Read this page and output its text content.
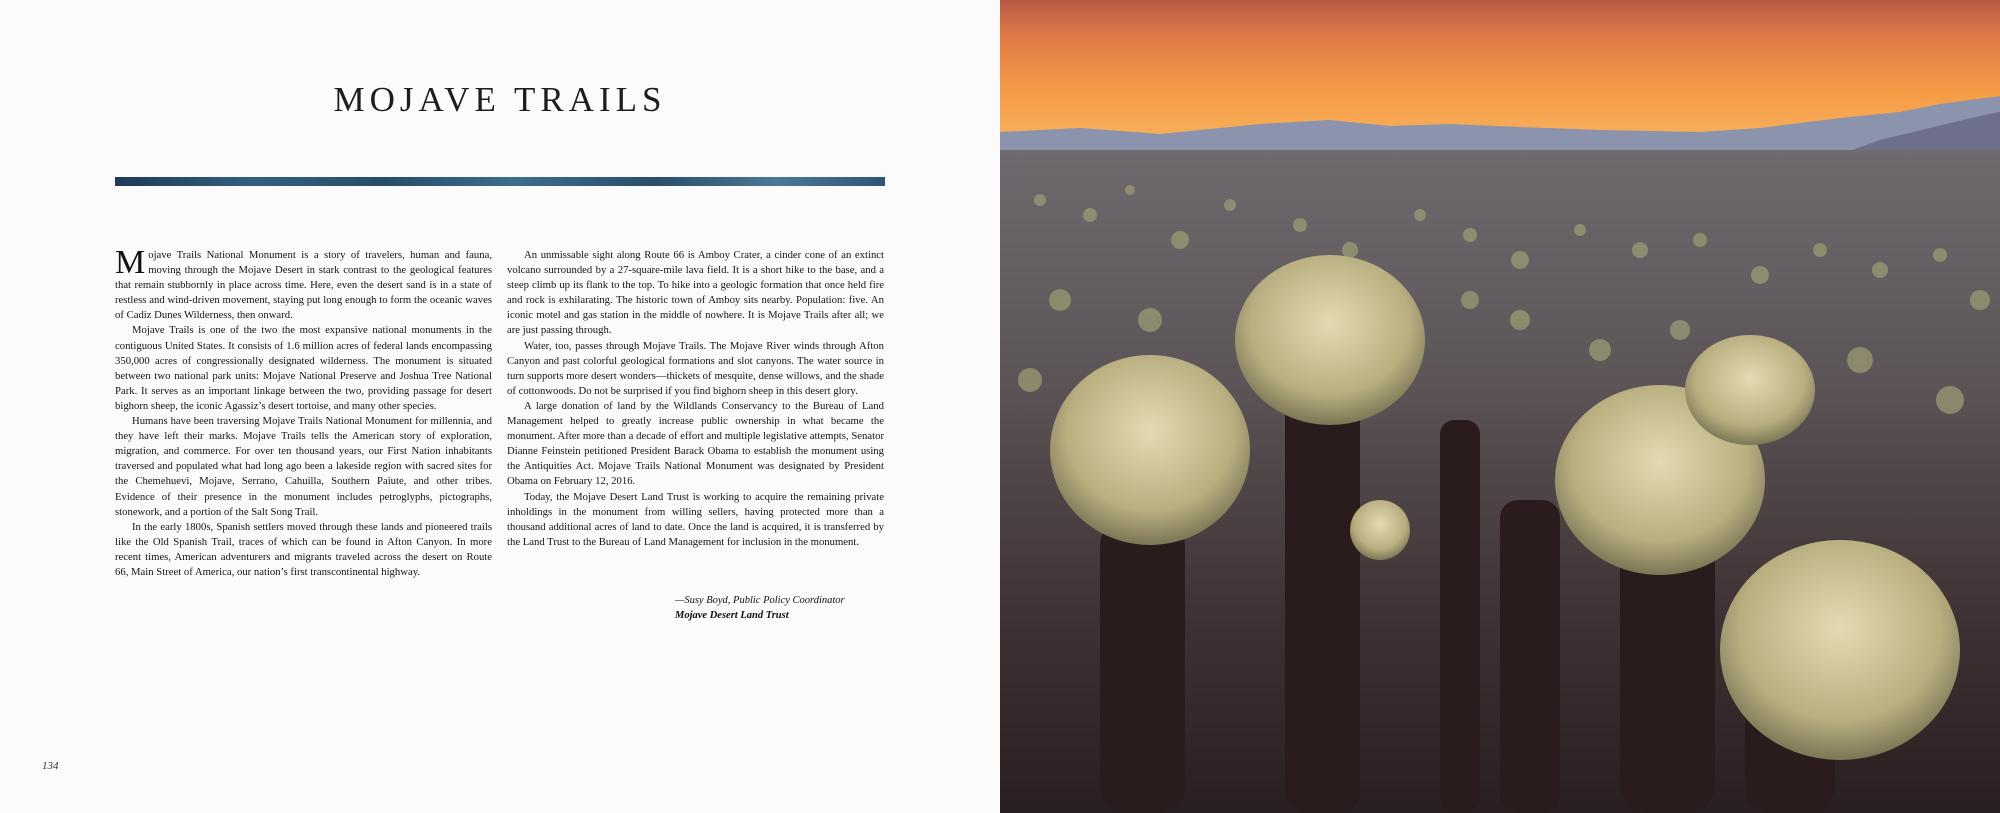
MOJAVE TRAILS

Mojave Trails National Monument is a story of travelers, human and fauna, moving through the Mojave Desert in stark contrast to the geological features that remain stubbornly in place across time. Here, even the desert sand is in a state of restless and wind-driven movement, staying put long enough to form the oceanic waves of Cadiz Dunes Wilderness, then onward.

Mojave Trails is one of the two the most expansive national monuments in the contiguous United States. It consists of 1.6 million acres of federal lands encompassing 350,000 acres of congressionally designated wilderness. The monument is situated between two national park units: Mojave National Preserve and Joshua Tree National Park. It serves as an important linkage between the two, providing passage for desert bighorn sheep, the iconic Agassiz’s desert tortoise, and many other species.

Humans have been traversing Mojave Trails National Monument for millennia, and they have left their marks. Mojave Trails tells the American story of exploration, migration, and commerce. For over ten thousand years, our First Nation inhabitants traversed and populated what had long ago been a lakeside region with sacred sites for the Chemehuevi, Mojave, Serrano, Cahuilla, Southern Paiute, and other tribes. Evidence of their presence in the monument includes petroglyphs, pictographs, stonework, and a portion of the Salt Song Trail.

In the early 1800s, Spanish settlers moved through these lands and pioneered trails like the Old Spanish Trail, traces of which can be found in Afton Canyon. In more recent times, American adventurers and migrants traveled across the desert on Route 66, Main Street of America, our nation’s first transcontinental highway.

An unmissable sight along Route 66 is Amboy Crater, a cinder cone of an extinct volcano surrounded by a 27-square-mile lava field. It is a short hike to the base, and a steep climb up its flank to the top. To hike into a geologic formation that once held fire and rock is exhilarating. The historic town of Amboy sits nearby. Population: five. An iconic motel and gas station in the middle of nowhere. It is Mojave Trails after all; we are just passing through.

Water, too, passes through Mojave Trails. The Mojave River winds through Afton Canyon and past colorful geological formations and slot canyons. The water source in turn supports more desert wonders—thickets of mesquite, dense willows, and the shade of cottonwoods. Do not be surprised if you find bighorn sheep in this desert glory.

A large donation of land by the Wildlands Conservancy to the Bureau of Land Management helped to greatly increase public ownership in what became the monument. After more than a decade of effort and multiple legislative attempts, Senator Dianne Feinstein petitioned President Barack Obama to establish the monument using the Antiquities Act. Mojave Trails National Monument was designated by President Obama on February 12, 2016.

Today, the Mojave Desert Land Trust is working to acquire the remaining private inholdings in the monument from willing sellers, having protected more than a thousand additional acres of land to date. Once the land is acquired, it is transferred by the Land Trust to the Bureau of Land Management for inclusion in the monument.

—Susy Boyd, Public Policy Coordinator
Mojave Desert Land Trust
134
